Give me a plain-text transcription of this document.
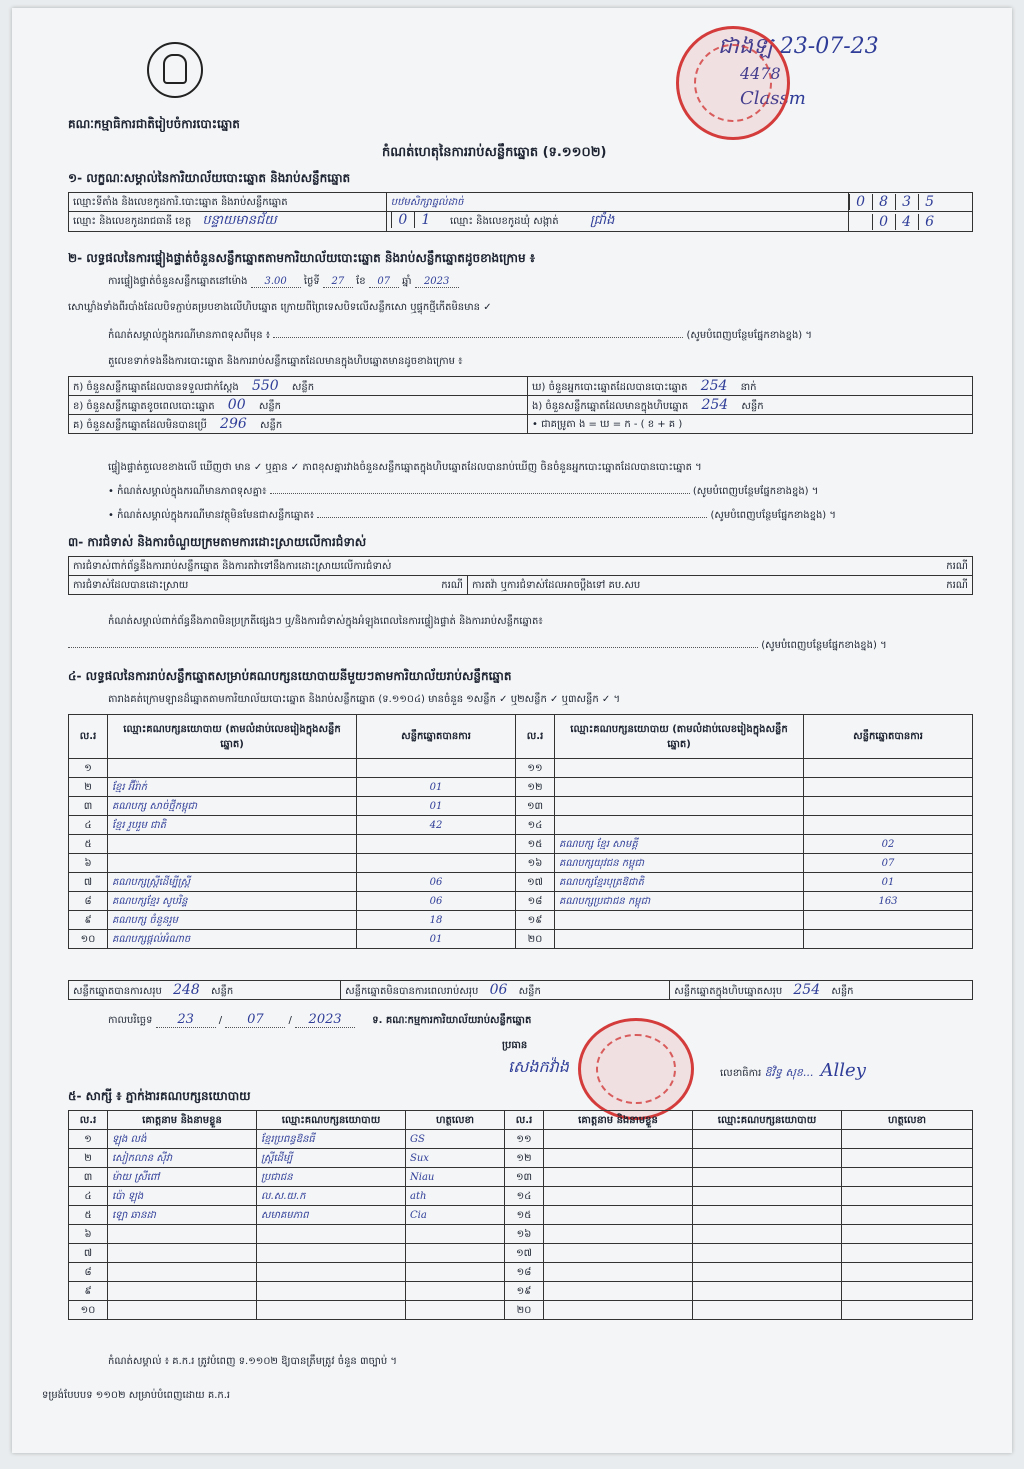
គណៈកម្មាធិការជាតិរៀបចំការបោះឆ្នោត
ជាងឡ 23-07-23
4478
Classm
កំណត់ហេតុនៃការរាប់សន្លឹកឆ្នោត (ទ.១១០២)
១- លក្ខណៈសម្គាល់នៃការិយាល័យបោះឆ្នោត និងរាប់សន្លឹកឆ្នោត
ឈ្មោះទីតាំង និងលេខកូដការិ.បោះឆ្នោត និងរាប់សន្លឹកឆ្នោត	បឋមសិក្សាធ្នល់ដាច់	0 8 3 5
ឈ្មោះ និងលេខកូដរាជធានី ខេត្ត បន្ទាយមានជ័យ	0 1 ឈ្មោះ និងលេខកូដឃុំ សង្កាត់ ជ្រាំង	0 4 6
២- លទ្ធផលនៃការផ្ទៀងផ្ទាត់ចំនួនសន្លឹកឆ្នោតតាមការិយាល័យបោះឆ្នោត និងរាប់សន្លឹកឆ្នោតដូចខាងក្រោម ៖
ការផ្ទៀងផ្ទាត់ចំនួនសន្លឹកឆ្នោតនៅម៉ោង 3.00 ថ្ងៃទី 27 ខែ 07 ឆ្នាំ 2023
សោឃ្លាំងទាំងពីរបាំងដែលបិទភ្ជាប់គម្របខាងលើហិបឆ្នោត ក្រោយពីព្រៃទេសបិទលើសន្លឹកសោ ឬផ្ទុកថ្មីកើតមិនមាន ✓
កំណត់សម្គាល់ក្នុងករណីមានភាពទុសពីមុន ៖	(សូមបំពេញបន្ថែមផ្នែកខាងខ្នង) ។
តួលេខទាក់ទងនឹងការបោះឆ្នោត និងការរាប់សន្លឹកឆ្នោតដែលមានក្នុងហិបឆ្នោតមានដូចខាងក្រោម ៖
ក) ចំនួនសន្លឹកឆ្នោតដែលបានទទួលជាក់ស្តែង 550 សន្លឹក	ឃ) ចំនួនអ្នកបោះឆ្នោតដែលបានបោះឆ្នោត 254 នាក់
ខ) ចំនួនសន្លឹកឆ្នោតខូចពេលបោះឆ្នោត 00 សន្លឹក	ង) ចំនួនសន្លឹកឆ្នោតដែលមានក្នុងហិបឆ្នោត 254 សន្លឹក
គ) ចំនួនសន្លឹកឆ្នោតដែលមិនបានប្រើ 296 សន្លឹក	• ជាគម្រូតា ង = ឃ = ក - ( ខ + គ )
ផ្ទៀងផ្ទាត់តួលេខខាងលើ ឃើញថា មាន ✓ ឬគ្មាន ✓ ភាពខុសគ្នារវាងចំនួនសន្លឹកឆ្នោតក្នុងហិបឆ្នោតដែលបានរាប់ឃើញ ចិនចំនួនអ្នកបោះឆ្នោតដែលបានបោះឆ្នោត ។
• កំណត់សម្គាល់ក្នុងករណីមានភាពទុសគ្នា៖	(សូមបំពេញបន្ថែមផ្នែកខាងខ្នង) ។
• កំណត់សម្គាល់ក្នុងករណីមានវត្ថុមិនមែនជាសន្លឹកឆ្នោត៖	(សូមបំពេញបន្ថែមផ្នែកខាងខ្នង) ។
៣- ការជំទាស់ និងការចំណួយក្រមតាមការដោះស្រាយលើការជំទាស់
ការជំទាស់ពាក់ព័ន្ធនឹងការរាប់សន្លឹកឆ្នោត និងការតវ៉ាទៅនឹងការដោះស្រាយលើការជំទាស់	ករណី

ការជំទាស់ដែលបានដោះស្រាយ	ករណី	ការតវ៉ា ឬការជំទាស់ដែលអាចប្តឹងទៅ គប.សប	ករណី
កំណត់សម្គាល់ពាក់ព័ន្ធនឹងភាពមិនប្រក្រតីផ្សេងៗ ឬ/និងការជំទាស់ក្នុងអំឡុងពេលនៃការផ្ទៀងផ្ទាត់ និងការរាប់សន្លឹកឆ្នោត៖
(សូមបំពេញបន្ថែមផ្នែកខាងខ្នង) ។
៤- លទ្ធផលនៃការរាប់សន្លឹកឆ្នោតសម្រាប់គណបក្សនយោបាយនីមួយៗតាមការិយាល័យរាប់សន្លឹកឆ្នោត
តារាងគត់ក្រោមឡានដ៏ឆ្នោតតាមការិយាល័យបោះឆ្នោត និងរាប់សន្លឹកឆ្នោត (ទ.១១០៤) មានចំនួន ១សន្លឹក ✓ ឬ២សន្លឹក ✓ ឬ៣សន្លឹក ✓ ។
ល.រ	ឈ្មោះគណបក្សនយោបាយ (តាមលំដាប់លេខរៀងក្នុងសន្លឹកឆ្នោត)	សន្លឹកឆ្នោតបានការ	ល.រ	ឈ្មោះគណបក្សនយោបាយ (តាមលំដាប់លេខរៀងក្នុងសន្លឹកឆ្នោត)	សន្លឹកឆ្នោតបានការ
១			១១		
២	ខ្មែរ អ៊ីរ៉ាក់	01	១២		
៣	គណបក្ស សាច់ថ្មីកម្ពុជា	01	១៣		
៤	ខ្មែរ រួបរួម ជាតិ	42	១៤		
៥			១៥	គណបក្ស ខ្មែរ សាមគ្គី	02
៦			១៦	គណបក្សយុវជន កម្ពុជា	07
៧	គណបក្សស្ត្រីដើម្បីស្ត្រី	06	១៧	គណបក្សខ្មែរបុត្រឱជាតិ	01
៨	គណបក្សខ្មែរ សូបរិន្ទ	06	១៨	គណបក្សប្រជាជន កម្ពុជា	163
៩	គណបក្ស ចំនួនរួម	18	១៩		
១០	គណបក្សផ្ដល់អំណាច	01	២០		
សន្លឹកឆ្នោតបានការសរុប 248 សន្លឹក	សន្លឹកឆ្នោតមិនបានការពេលរាប់សរុប 06 សន្លឹក	សន្លឹកឆ្នោតក្នុងហិបឆ្នោតសរុប 254 សន្លឹក
កាលបរិច្ឆេទ 23 / 07 / 2023	ទ. គណៈកម្មការការិយាល័យរាប់សន្លឹកឆ្នោត
ប្រធាន
សេងកវ៉ាង	លេខាធិការ ឱវិទ្ធ សុខ... Alley
៥- សាក្សី ៖ ភ្នាក់ងារគណបក្សនយោបាយ
ល.រ	គោត្តនាម និងនាមខ្លួន	ឈ្មោះគណបក្សនយោបាយ	ហត្ថលេខា	ល.រ	គោត្តនាម និងនាមខ្លួន	ឈ្មោះគណបក្សនយោបាយ	ហត្ថលេខា
១	ឡុង លង់	ខ្មែរប្រពន្ធឱនធី	GS	១១			
២	សៀកលាន ស៊ីវា	ស្ត្រីដើម្បី	Sux	១២			
៣	ម៉ាយ ស្រីពៅ	ប្រជាជន	Niau	១៣			
៤	ប៉ោ ឡុង	ល.ស.យ.ក	ath	១៤			
៥	ឡោ ឆានដា	សមាគមភាព	Cia	១៥			
៦				១៦			
៧				១៧			
៨				១៨			
៩				១៩			
១០				២០			
កំណត់សម្គាល់ ៖ គ.ក.រ ត្រូវបំពេញ ទ.១១០២ ឱ្យបានត្រឹមត្រូវ ចំនួន ៣ច្បាប់ ។
ទម្រង់បែបបទ ១១០២ សម្រាប់បំពេញដោយ គ.ក.រ
